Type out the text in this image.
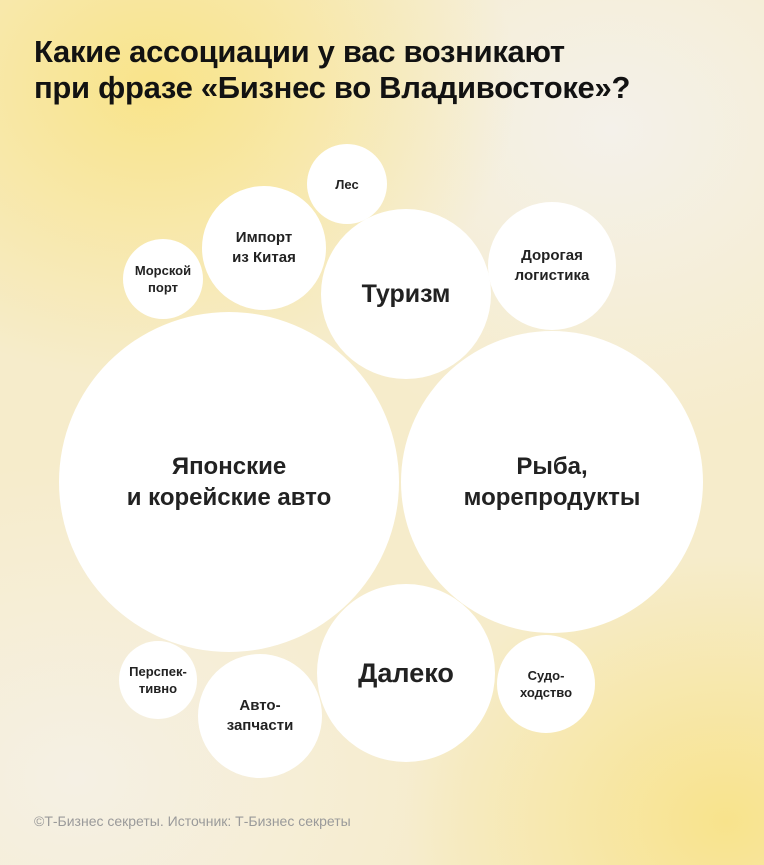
Какие ассоциации у вас возникают
при фразе «Бизнес во Владивостоке»?
Японские
и корейские авто
Рыба,
морепродукты
Далеко
Туризм
Импорт
из Китая
Авто-
запчасти
Дорогая
логистика
Судо-
ходство
Перспек-
тивно
Морской
порт
Лес
©Т-Бизнес секреты. Источник: Т-Бизнес секреты
